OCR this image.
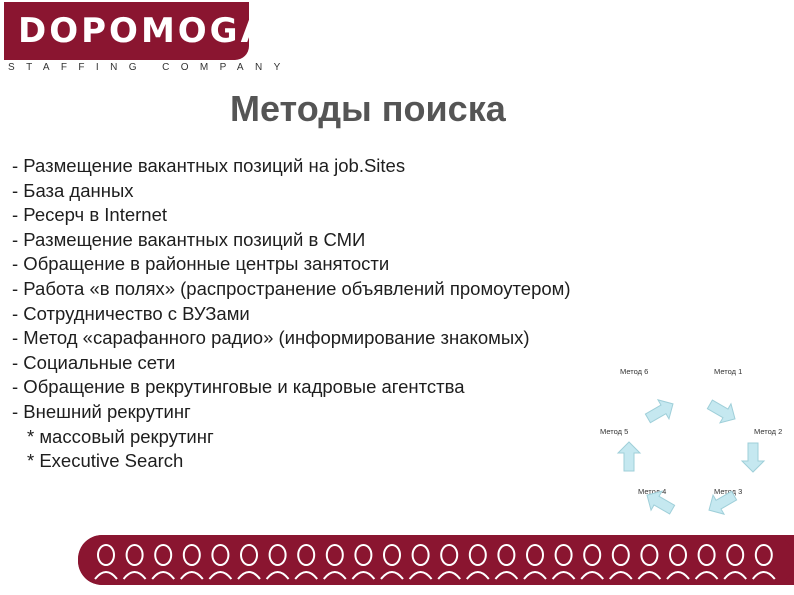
DOPOMOGA
STAFFING COMPANY
Методы поиска
- Размещение вакантных позиций на job.Sites
- База данных
- Ресерч в Internet
- Размещение вакантных позиций в СМИ
- Обращение в районные центры занятости
- Работа «в полях» (распространение объявлений промоутером)
- Сотрудничество с ВУЗами
- Метод «сарафанного радио» (информирование знакомых)
- Социальные сети
- Обращение в рекрутинговые и кадровые агентства
- Внешний рекрутинг
* массовый рекрутинг
* Executive Search
Метод 1
Метод 2
Метод 3
Метод 4
Метод 5
Метод 6
